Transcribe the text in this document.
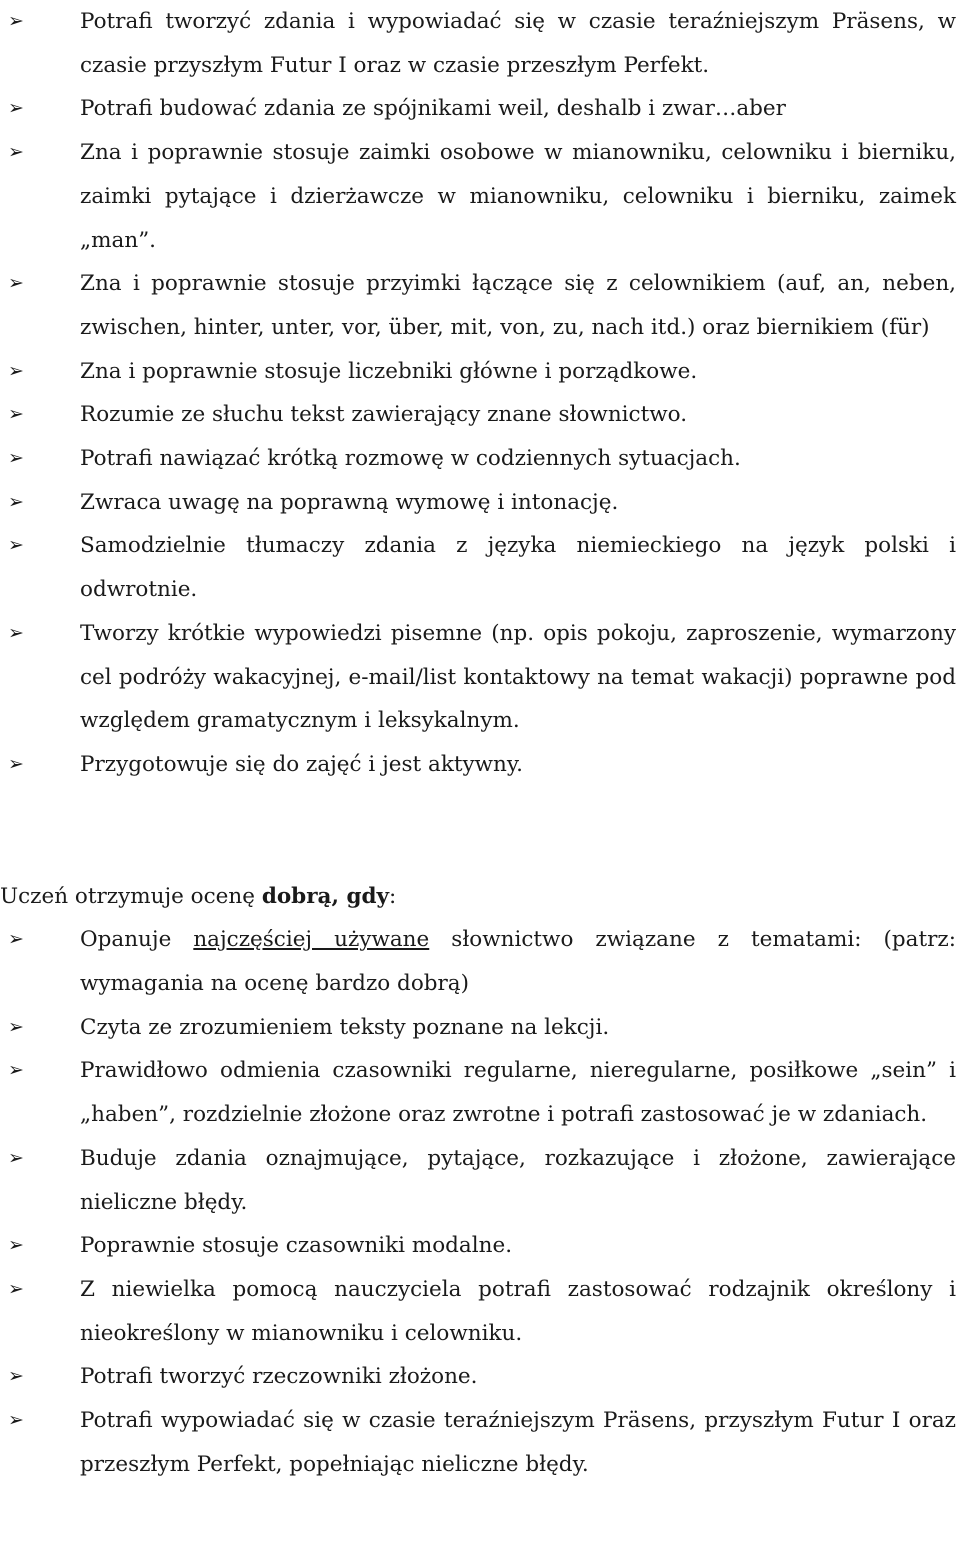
➢	Potrafi tworzyć zdania i wypowiadać się w czasie teraźniejszym Präsens, w czasie przyszłym Futur I oraz w czasie przeszłym Perfekt.
➢	Potrafi budować zdania ze spójnikami weil, deshalb i zwar…aber
➢	Zna i poprawnie stosuje zaimki osobowe w mianowniku, celowniku i bierniku, zaimki pytające i dzierżawcze w mianowniku, celowniku i bierniku, zaimek „man”.
➢	Zna i poprawnie stosuje przyimki łączące się z celownikiem (auf, an, neben, zwischen, hinter, unter, vor, über, mit, von, zu, nach itd.) oraz biernikiem (für)
➢	Zna i poprawnie stosuje liczebniki główne i porządkowe.
➢	Rozumie ze słuchu tekst zawierający znane słownictwo.
➢	Potrafi nawiązać krótką rozmowę w codziennych sytuacjach.
➢	Zwraca uwagę na poprawną wymowę i intonację.
➢	Samodzielnie tłumaczy zdania z języka niemieckiego na język polski i odwrotnie.
➢	Tworzy krótkie wypowiedzi pisemne (np. opis pokoju, zaproszenie, wymarzony cel podróży wakacyjnej, e-mail/list kontaktowy na temat wakacji) poprawne pod względem gramatycznym i leksykalnym.
➢	Przygotowuje się do zajęć i jest aktywny.

Uczeń otrzymuje ocenę dobrą, gdy:

➢	Opanuje najczęściej używane słownictwo związane z tematami: (patrz: wymagania na ocenę bardzo dobrą)
➢	Czyta ze zrozumieniem teksty poznane na lekcji.
➢	Prawidłowo odmienia czasowniki regularne, nieregularne, posiłkowe „sein” i „haben”, rozdzielnie złożone oraz zwrotne i potrafi zastosować je w zdaniach.
➢	Buduje zdania oznajmujące, pytające, rozkazujące i złożone, zawierające nieliczne błędy.
➢	Poprawnie stosuje czasowniki modalne.
➢	Z niewielka pomocą nauczyciela potrafi zastosować rodzajnik określony i nieokreślony w mianowniku i celowniku.
➢	Potrafi tworzyć rzeczowniki złożone.
➢	Potrafi wypowiadać się w czasie teraźniejszym Präsens, przyszłym Futur I oraz przeszłym Perfekt, popełniając nieliczne błędy.
